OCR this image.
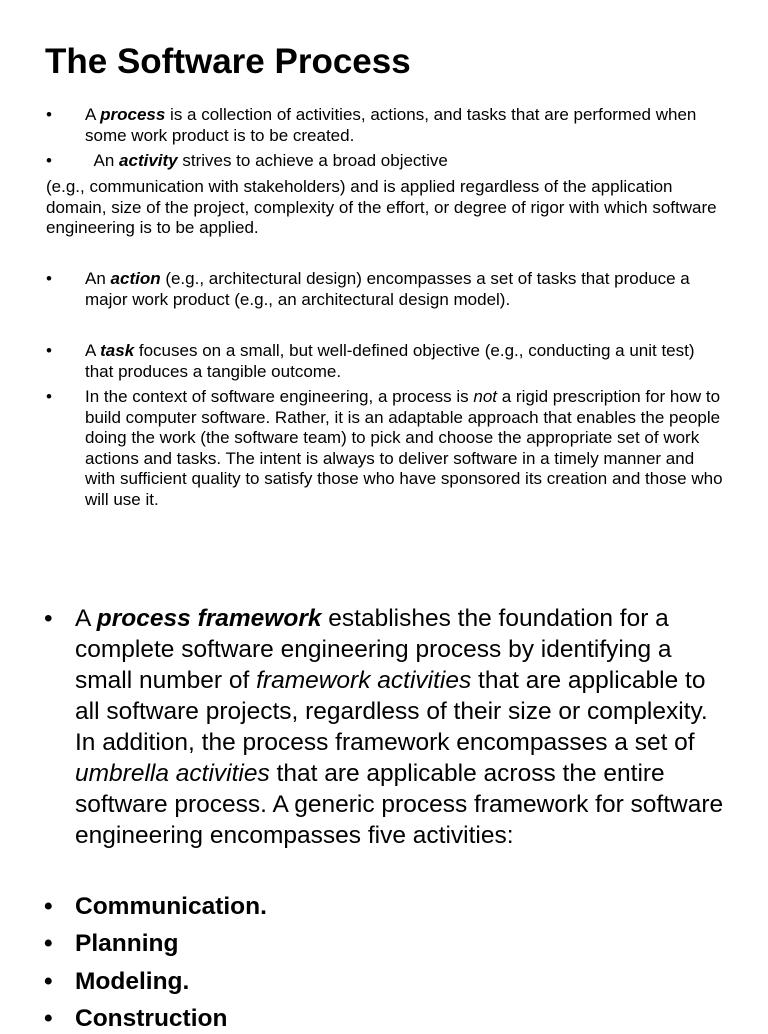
The Software Process
•	A process is a collection of activities, actions, and tasks that are performed when some work product is to be created.
•	An activity strives to achieve a broad objective
(e.g., communication with stakeholders) and is applied regardless of the application domain, size of the project, complexity of the effort, or degree of rigor with which software engineering is to be applied.
•	An action (e.g., architectural design) encompasses a set of tasks that produce a major work product (e.g., an architectural design model).
•	A task focuses on a small, but well-defined objective (e.g., conducting a unit test) that produces a tangible outcome.
•	In the context of software engineering, a process is not a rigid prescription for how to build computer software. Rather, it is an adaptable approach that enables the people doing the work (the software team) to pick and choose the appropriate set of work actions and tasks. The intent is always to deliver software in a timely manner and with sufficient quality to satisfy those who have sponsored its creation and those who will use it.
• A process framework establishes the foundation for a complete software engineering process by identifying a small number of framework activities that are applicable to all software projects, regardless of their size or complexity. In addition, the process framework encompasses a set of umbrella activities that are applicable across the entire software process. A generic process framework for software engineering encompasses five activities:
• Communication.
• Planning
• Modeling.
• Construction
